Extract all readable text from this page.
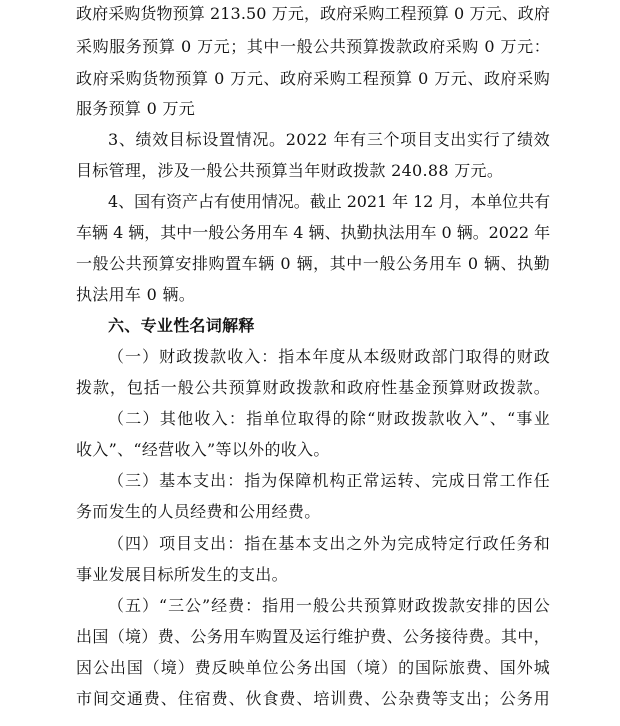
政府采购货物预算 213.50 万元，政府采购工程预算 0 万元、政府
采购服务预算 0 万元；其中一般公共预算拨款政府采购 0 万元：
政府采购货物预算 0 万元、政府采购工程预算 0 万元、政府采购
服务预算 0 万元
3、绩效目标设置情况。2022 年有三个项目支出实行了绩效
目标管理，涉及一般公共预算当年财政拨款 240.88 万元。
4、国有资产占有使用情况。截止 2021 年 12 月，本单位共有
车辆 4 辆，其中一般公务用车 4 辆、执勤执法用车 0 辆。2022 年
一般公共预算安排购置车辆 0 辆，其中一般公务用车 0 辆、执勤
执法用车 0 辆。
六、专业性名词解释
（一）财政拨款收入：指本年度从本级财政部门取得的财政
拨款，包括一般公共预算财政拨款和政府性基金预算财政拨款。
（二）其他收入：指单位取得的除“财政拨款收入”、“事业
收入”、“经营收入”等以外的收入。
（三）基本支出：指为保障机构正常运转、完成日常工作任
务而发生的人员经费和公用经费。
（四）项目支出：指在基本支出之外为完成特定行政任务和
事业发展目标所发生的支出。
（五）“三公”经费：指用一般公共预算财政拨款安排的因公
出国（境）费、公务用车购置及运行维护费、公务接待费。其中，
因公出国（境）费反映单位公务出国（境）的国际旅费、国外城
市间交通费、住宿费、伙食费、培训费、公杂费等支出；公务用
